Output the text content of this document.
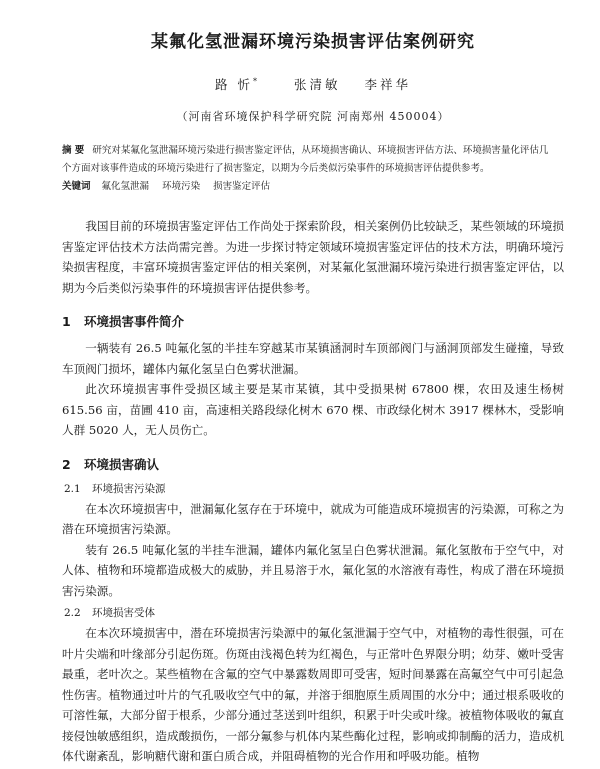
某氟化氢泄漏环境污染损害评估案例研究
路 忻*	张清敏 李祥华
（河南省环境保护科学研究院 河南郑州 450004）
摘 要 研究对某氟化氢泄漏环境污染进行损害鉴定评估，从环境损害确认、环境损害评估方法、环境损害量化评估几个方面对该事件造成的环境污染进行了损害鉴定，以期为今后类似污染事件的环境损害评估提供参考。
关键词 氟化氢泄漏 环境污染 损害鉴定评估

我国目前的环境损害鉴定评估工作尚处于探索阶段，相关案例仍比较缺乏，某些领域的环境损害鉴定评估技术方法尚需完善。为进一步探讨特定领域环境损害鉴定评估的技术方法，明确环境污染损害程度，丰富环境损害鉴定评估的相关案例，对某氟化氢泄漏环境污染进行损害鉴定评估，以期为今后类似污染事件的环境损害评估提供参考。

1 环境损害事件简介

一辆装有 26.5 吨氟化氢的半挂车穿越某市某镇涵洞时车顶部阀门与涵洞顶部发生碰撞，导致车顶阀门损坏，罐体内氟化氢呈白色雾状泄漏。

此次环境损害事件受损区域主要是某市某镇，其中受损果树 67800 棵，农田及速生杨树 615.56 亩，苗圃 410 亩，高速相关路段绿化树木 670 棵、市政绿化树木 3917 棵林木，受影响人群 5020 人，无人员伤亡。

2 环境损害确认
2.1 环境损害污染源

在本次环境损害中，泄漏氟化氢存在于环境中，就成为可能造成环境损害的污染源，可称之为潜在环境损害污染源。

装有 26.5 吨氟化氢的半挂车泄漏，罐体内氟化氢呈白色雾状泄漏。氟化氢散布于空气中，对人体、植物和环境都造成极大的威胁，并且易溶于水，氟化氢的水溶液有毒性，构成了潜在环境损害污染源。

2.2 环境损害受体

在本次环境损害中，潜在环境损害污染源中的氟化氢泄漏于空气中，对植物的毒性很强，可在叶片尖端和叶缘部分引起伤斑。伤斑由浅褐色转为红褐色，与正常叶色界限分明；幼芽、嫩叶受害最重，老叶次之。某些植物在含氟的空气中暴露数周即可受害，短时间暴露在高氟空气中可引起急性伤害。植物通过叶片的气孔吸收空气中的氟，并溶于细胞原生质周围的水分中；通过根系吸收的可溶性氟，大部分留于根系，少部分通过茎送到叶组织，积累于叶尖或叶缘。被植物体吸收的氟直接侵蚀敏感组织，造成酸损伤，一部分氟参与机体内某些酶化过程，影响或抑制酶的活力，造成机体代谢紊乱，影响糖代谢和蛋白质合成，并阻碍植物的光合作用和呼吸功能。植物
